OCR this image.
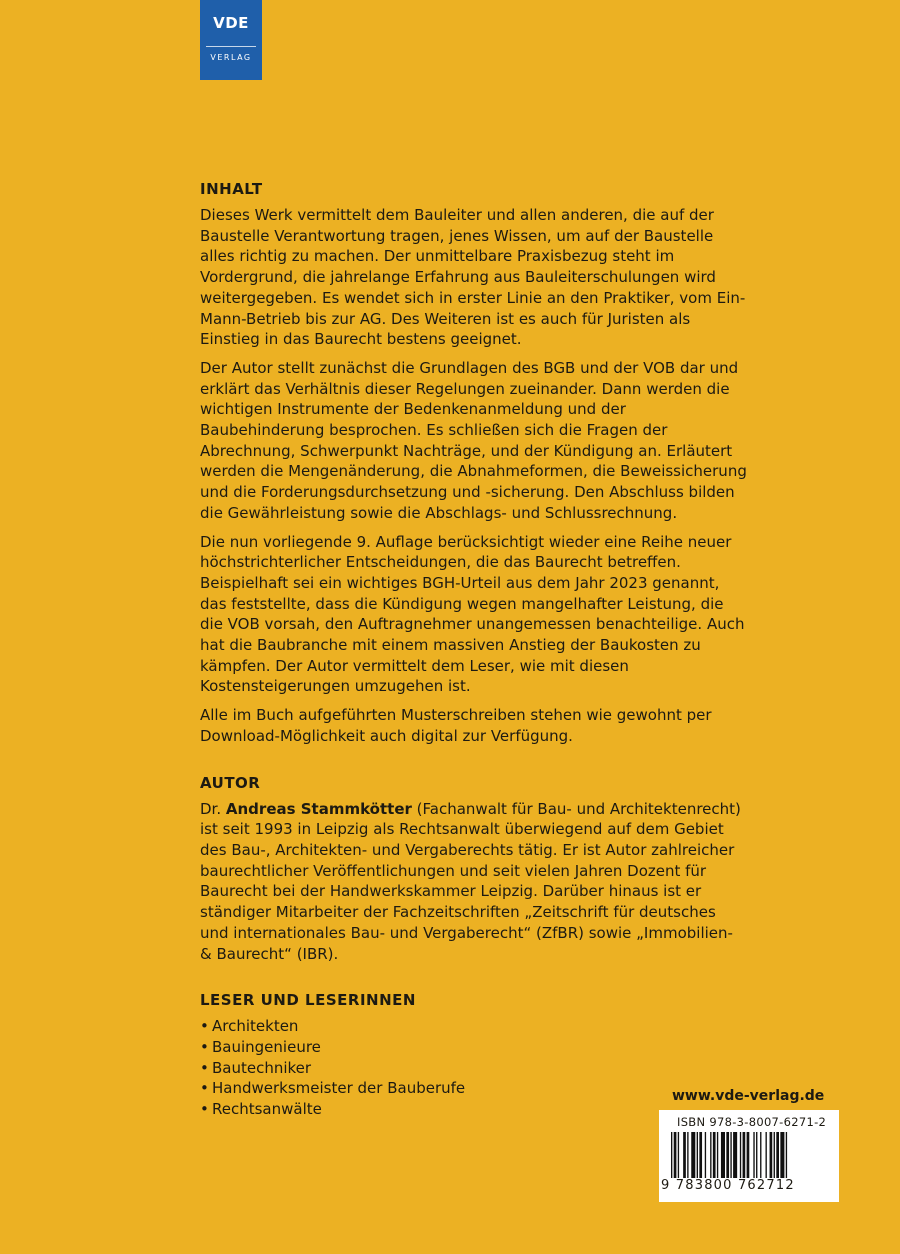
VDE
VERLAG
INHALT

Dieses Werk vermittelt dem Bauleiter und allen anderen, die auf der Baustelle Verantwortung tragen, jenes Wissen, um auf der Baustelle alles richtig zu machen. Der unmittelbare Praxisbezug steht im Vordergrund, die jahrelange Erfahrung aus Bauleiterschulungen wird weitergegeben. Es wendet sich in erster Linie an den Praktiker, vom Ein-Mann-Betrieb bis zur AG. Des Weiteren ist es auch für Juristen als Einstieg in das Baurecht bestens geeignet.

Der Autor stellt zunächst die Grundlagen des BGB und der VOB dar und erklärt das Verhältnis dieser Regelungen zueinander. Dann werden die wichtigen Instrumente der Bedenkenanmeldung und der Baubehinderung besprochen. Es schließen sich die Fragen der Abrechnung, Schwerpunkt Nachträge, und der Kündigung an. Erläutert werden die Mengenänderung, die Abnahmeformen, die Beweissicherung und die Forderungsdurchsetzung und -sicherung. Den Abschluss bilden die Gewährleistung sowie die Abschlags- und Schlussrechnung.

Die nun vorliegende 9. Auflage berücksichtigt wieder eine Reihe neuer höchstrichterlicher Entscheidungen, die das Baurecht betreffen. Beispielhaft sei ein wichtiges BGH-Urteil aus dem Jahr 2023 genannt, das feststellte, dass die Kündigung wegen mangelhafter Leistung, die die VOB vorsah, den Auftragnehmer unangemessen benachteilige. Auch hat die Baubranche mit einem massiven Anstieg der Baukosten zu kämpfen. Der Autor vermittelt dem Leser, wie mit diesen Kostensteigerungen umzugehen ist.

Alle im Buch aufgeführten Musterschreiben stehen wie gewohnt per Download-Möglichkeit auch digital zur Verfügung.

AUTOR

Dr. Andreas Stammkötter (Fachanwalt für Bau- und Architektenrecht) ist seit 1993 in Leipzig als Rechtsanwalt überwiegend auf dem Gebiet des Bau-, Architekten- und Vergaberechts tätig. Er ist Autor zahlreicher baurechtlicher Veröffentlichungen und seit vielen Jahren Dozent für Baurecht bei der Handwerkskammer Leipzig. Darüber hinaus ist er ständiger Mitarbeiter der Fachzeitschriften „Zeitschrift für deutsches und internationales Bau- und Vergaberecht“ (ZfBR) sowie „Immobilien- & Baurecht“ (IBR).

LESER UND LESERINNEN
• Architekten
• Bauingenieure
• Bautechniker
• Handwerksmeister der Bauberufe
• Rechtsanwälte
www.vde-verlag.de
ISBN 978-3-8007-6271-2
9 783800 762712
